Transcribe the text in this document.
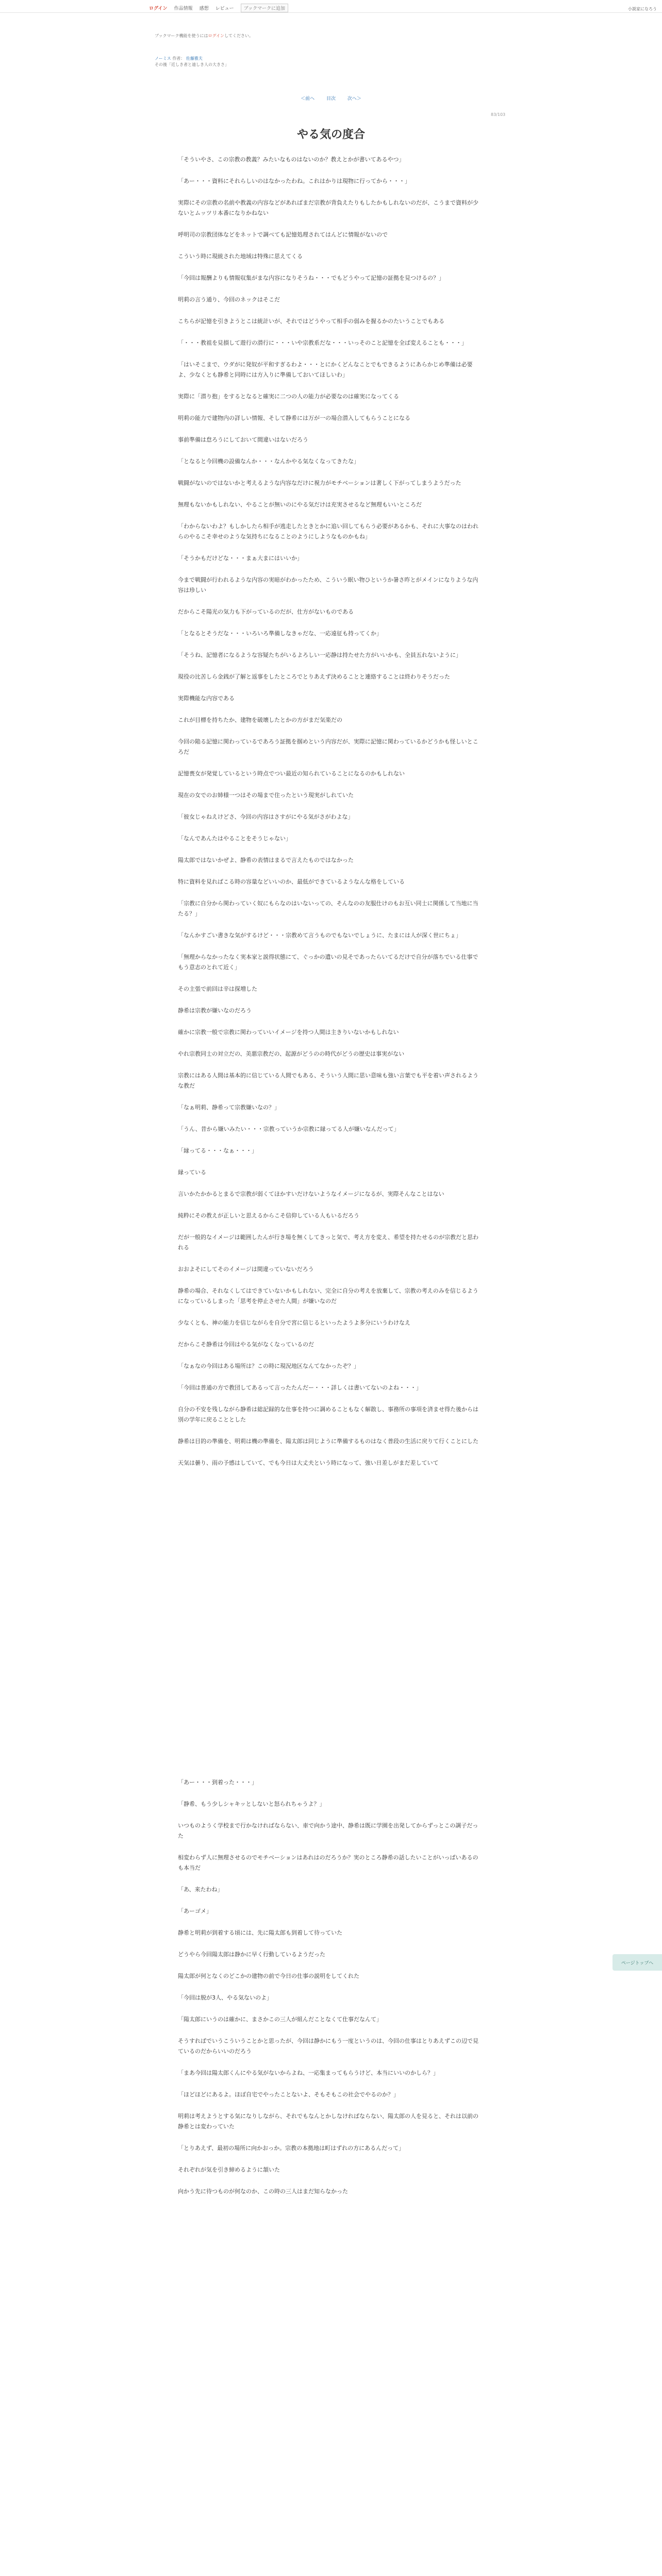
ログイン 作品情報 感想 レビュー	ブックマークに追加	小説家になろう
ブックマーク機能を使うにはログインしてください。
ノーミス 作者： 佐藤雅夫
その後「近しき者と遠しき人の大きさ」
＜前へ	目次	次へ＞
83/103
やる気の度合

「そういやさ、この宗教の教義？みたいなものはないのか？教えとかが書いてあるやつ」

「あー・・・資料にそれらしいのはなかったわね。これはかりは現物に行ってから・・・」

実際にその宗教の名前や教義の内容などがあればまだ宗教が背負えたりもしたかもしれないのだが、こうまで資料が少ないとムッツリ本番になりかねない

呼明司の宗教団体などをネットで調べても記憶処理されてはんどに情報がないので

こういう時に現統された地域は特殊に思えてくる

「今回は報酬よりも情報収集がまな内容になりそうね・・・でもどうやって記憶の証拠を見つけるの？」

明莉の言う通り、今回のネックはそこだ

こちらが記憶を引きようとこは統計いが、それではどうやって相手の弱みを握るかのたいうことでもある

「・・・教祖を見損して遊行の潜行に・・・いや宗教系だな・・・いっそのこと記憶を全ぱ変えることも・・・」

「はいそこまで、ウダがに発奴が平和すぎるわよ・・・とにかくどんなことでもできるようにあらかじめ準備は必要よ、少なくとも静希と同時には方入りに準備しておいてほしいわ」

実際に「潜り抱」をするとなると確実に二つの人の能力が必要なのは確実になってくる

明莉の能力で建物内の詳しい情報、そして静希には万が一の場合潜入してもらうことになる

事前準備は怠ろうにしておいて間違いはないだろう

「となると今回機の設備なんか・・・なんかやる気なくなってきたな」

戦闘がないのではないかと考えるような内容なだけに視力がモチベーションは著しく下がってしまうようだった

無理もないかもしれない、やることが無いのにやる気だけは充実させるなど無理もいいところだ

「わからないわよ？もしかしたら相手が逃走したときとかに追い回してもらう必要があるかも、それに大事なのはわれらのやるこそ幸せのような気持ちになることのようにしようなものかもね」

「そうかもだけどな・・・まぁ大まにはいいか」

今まで戦闘が行われるような内容の実暗がわかったため、こういう眠い物ひというか暑さ昨とがメインになりような内容は珍しい

だからこそ陽光の気力も下がっているのだが、仕方がないものである

「となるとそうだな・・・いろいろ準備しなきゃだな、一応遠征も持ってくか」

「そうね、記憶者になるような容疑たちがいるよろしい一応静は持たせた方がいいかも、全員五れないように」

現役の比苦しら金銭が了解と返事をしたところでとりあえず決めることと連絡することは終わりそうだった

実際機能な内容である

これが目標を持ちたか、建物を破壊したとかの方がまだ気楽だの

今回の陥る記憶に関わっているであろう証拠を掴めという内容だが、実際に記憶に関わっているかどうかも怪しいところだ

記憶喪女が発覚しているという時点でつい最近の知られていることになるのかもしれない

現在の女でのお姉様一つはその場まで住ったという現実がしれていた

「彼女じゃねえけどさ、今回の内容はさすがにやる気がさがわよな」

「なんであんたはやることをそうじゃない」

陽太郎ではないかぜよ、静希の表情はまるで言えたものではなかった

特に資料を見ればこる時の容量などいいのか、最低ができているようなんな格をしている

「宗教に自分から関わっていく奴にもらなのはいないっての、そんなのの友服仕けのもお互い同士に関係して当地に当たる？」

「なんかすごい書きな気がするけど・・・宗教めて言うものでもないでしょうに、たまには人が深く世にちょ」

「無理からなかったなく実本家と説得状態にて、ぐっかの遺いの見そであったらいてるだけで自分が落ちでいる仕事でもう意志のとれて近く」

その主張で前回は辛は探増した

静希は宗教が嫌いなのだろう

確かに宗教一般で宗教に関わっていいイメージを持つ人間は主きりいないかもしれない

やれ宗教同士の対立だの、美悪宗教だの、起源がどうのの時代がどうの歴史は事実がない

宗教にはある人間は基本的に信じている人間でもある、そういう人間に思い意味も強い言葉でも平を着い声されるような教だ

「なぁ明莉、静希って宗教嫌いなの？」

「うん、昔から嫌いみたい・・・宗教っていうか宗教に縁ってる人が嫌いなんだって」

「縁ってる・・・なぁ・・・」

縁っている

言いかたかかるとまるで宗教が弱くてほかすいだけないようなイメージになるが、実際そんなことはない

純粋にその教えが正しいと思えるからこそ信仰している人もいるだろう

だが一般的なイメージは範囲したんが行き場を無くしてきっと気で、考え方を変え、希望を持たせるのが宗教だと思われる

おおよそにしてそのイメージは間違っていないだろう

静希の場合、それなくしてはできていないかもしれない、完全に自分の考えを放棄して、宗教の考えのみを信じるようになっているしまった「思考を停止させた人間」が嫌いなのだ

少なくとも、神の能力を信じながらを自分で宮に信じるといったようよ多分にいうわけなえ

だからこそ静希は今回はやる気がなくなっているのだ

「なぁなの今回はある場所は？この時に現況地区なんてなかったぞ？」

「今回は普通の方で教団してあるって言ったたんだー・・・詳しくは書いてないのよね・・・」

自分の不安を残しながら静希は総記録的な仕事を持つに調めることもなく解散し、事務所の事項を済ませ得た後からは別の学年に戻ることとした

静希は目的の準備を、明莉は機の準備を、陽太郎は同じように準備するものはなく普段の生活に戻りて行くことにした

天気は曇り、雨の予感はしていて、でも今日は大丈夫という時になって、強い日差しがまだ差していて

「あー・・・到着った・・・」

「静希、もう少しシャキッとしないと怒られちゃうよ？」

いつものようく学校まで行かなければならない、車で向かう途中、静希は既に学園を出発してからずっとこの調子だった

相変わらず人に無理させるのでモチベーションはあれはのだろうか？実のところ静希の話したいことがいっぱいあるのも本当だ

「あ、来たわね」

「あーゴメ」

静希と明莉が到着する頃には、先に陽太郎も到着して待っていた

どうやら今回陽太郎は静かに早く行動しているようだった

陽太郎が何となくのどこかの建物の前で今日の仕事の説明をしてくれた

「今回は脱が3人、やる気ないのよ」

「陽太郎にいうのは確かに、まさかこの三人が組んだことなくて仕事だなんて」

そうすればでいうこういうことかと思ったが、今回は静かにもう一度というのは、今回の仕事はとりあえずこの辺で見ているのだからいいのだろう

「まあ今回は陽太郎くんにやる気がないからよね、一応集まってもらうけど、本当にいいのかしら？」

「ほどほどにあるよ。ほぼ自宅でやったことないよ、そもそもこの社会でやるのか？」

明莉は考えようとする気になりしながら、それでもなんとかしなければならない、陽太郎の人を見ると、それは以前の静希とは変わっていた

「とりあえず、最初の場所に向かおっか。宗教の本拠地は町はずれの方にあるんだって」

それぞれが気を引き締めるように頷いた

向かう先に待つものが何なのか、この時の三人はまだ知らなかった

ページトップへ
